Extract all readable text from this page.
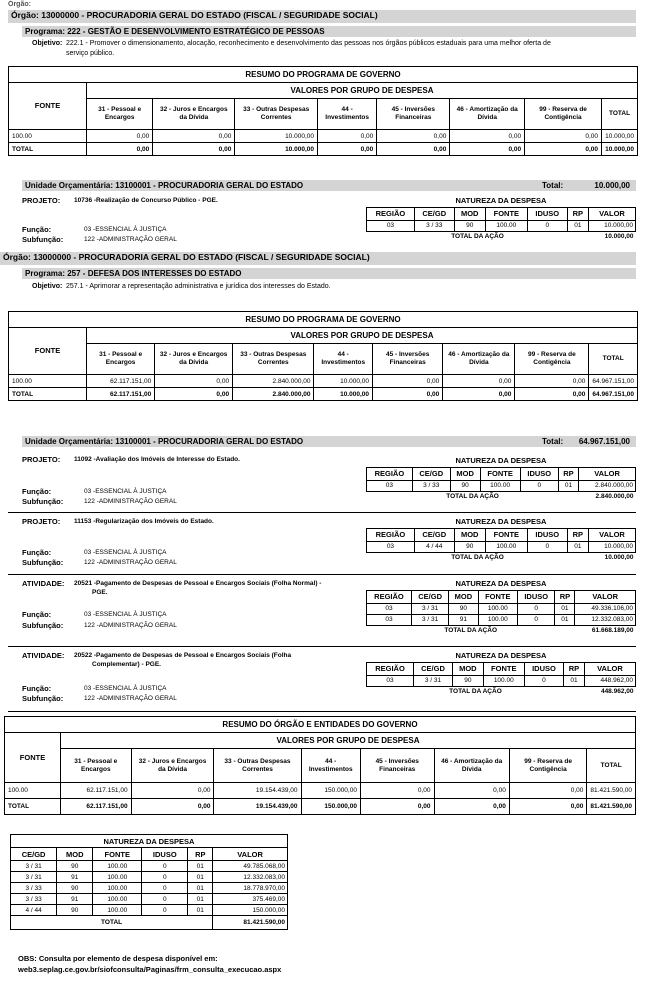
Órgão:
Órgão: 13000000 - PROCURADORIA GERAL DO ESTADO (FISCAL / SEGURIDADE SOCIAL)
Programa: 222 - GESTÃO E DESENVOLVIMENTO ESTRATÉGICO DE PESSOAS
Objetivo: 222.1 - Promover o dimensionamento, alocação, reconhecimento e desenvolvimento das pessoas nos órgãos públicos estaduais para uma melhor oferta de
serviço público.
RESUMO DO PROGRAMA DE GOVERNO								
FONTE	VALORES POR GRUPO DE DESPESA							
	31 - Pessoal e Encargos	32 - Juros e Encargos da Dívida	33 - Outras Despesas Correntes	44 - Investimentos	45 - Inversões Financeiras	46 - Amortização da Dívida	99 - Reserva de Contigência	TOTAL
100.00	0,00	0,00	10.000,00	0,00	0,00	0,00	0,00	10.000,00
TOTAL	0,00	0,00	10.000,00	0,00	0,00	0,00	0,00	10.000,00
Unidade Orçamentária: 13100001 - PROCURADORIA GERAL DO ESTADO	Total:	10.000,00
PROJETO: 10736 -Realização de Concurso Público - PGE.
Função:	03 -ESSENCIAL À JUSTIÇA
Subfunção:	122 -ADMINISTRAÇÃO GERAL
NATUREZA DA DESPESA						
REGIÃO	CE/GD	MOD	FONTE	IDUSO	RP	VALOR
03	3 / 33	90	100.00	0	01	10.000,00
TOTAL DA AÇÃO						10.000,00
Órgão: 13000000 - PROCURADORIA GERAL DO ESTADO (FISCAL / SEGURIDADE SOCIAL)
Programa: 257 - DEFESA DOS INTERESSES DO ESTADO
Objetivo: 257.1 - Aprimorar a representação administrativa e jurídica dos interesses do Estado.
RESUMO DO PROGRAMA DE GOVERNO								
FONTE	VALORES POR GRUPO DE DESPESA							
	31 - Pessoal e Encargos	32 - Juros e Encargos da Dívida	33 - Outras Despesas Correntes	44 - Investimentos	45 - Inversões Financeiras	46 - Amortização da Dívida	99 - Reserva de Contigência	TOTAL
100.00	62.117.151,00	0,00	2.840.000,00	10.000,00	0,00	0,00	0,00	64.967.151,00
TOTAL	62.117.151,00	0,00	2.840.000,00	10.000,00	0,00	0,00	0,00	64.967.151,00
Unidade Orçamentária: 13100001 - PROCURADORIA GERAL DO ESTADO	Total: 64.967.151,00
PROJETO: 11092 -Avaliação dos Imóveis de Interesse do Estado.
Função:	03 -ESSENCIAL À JUSTIÇA
Subfunção:	122 -ADMINISTRAÇÃO GERAL
NATUREZA DA DESPESA						
REGIÃO	CE/GD	MOD	FONTE	IDUSO	RP	VALOR
03	3 / 33	90	100.00	0	01	2.840.000,00
TOTAL DA AÇÃO						2.840.000,00
PROJETO: 11153 -Regularização dos Imóveis do Estado.
Função:	03 -ESSENCIAL À JUSTIÇA
Subfunção:	122 -ADMINISTRAÇÃO GERAL
NATUREZA DA DESPESA						
REGIÃO	CE/GD	MOD	FONTE	IDUSO	RP	VALOR
03	4 / 44	90	100.00	0	01	10.000,00
TOTAL DA AÇÃO						10.000,00
ATIVIDADE: 20521 -Pagamento de Despesas de Pessoal e Encargos Sociais (Folha Normal) -
PGE.
Função:	03 -ESSENCIAL À JUSTIÇA
Subfunção:	122 -ADMINISTRAÇÃO GERAL
NATUREZA DA DESPESA						
REGIÃO	CE/GD	MOD	FONTE	IDUSO	RP	VALOR
03	3 / 31	90	100.00	0	01	49.336.106,00
03	3 / 31	91	100.00	0	01	12.332.083,00
TOTAL DA AÇÃO						61.668.189,00
ATIVIDADE: 20522 -Pagamento de Despesas de Pessoal e Encargos Sociais (Folha
Complementar) - PGE.
Função:	03 -ESSENCIAL À JUSTIÇA
Subfunção:	122 -ADMINISTRAÇÃO GERAL
NATUREZA DA DESPESA						
REGIÃO	CE/GD	MOD	FONTE	IDUSO	RP	VALOR
03	3 / 31	90	100.00	0	01	448.962,00
TOTAL DA AÇÃO						448.962,00
RESUMO DO ÓRGÃO E ENTIDADES DO GOVERNO								
FONTE	VALORES POR GRUPO DE DESPESA							
	31 - Pessoal e Encargos	32 - Juros e Encargos da Dívida	33 - Outras Despesas Correntes	44 - Investimentos	45 - Inversões Financeiras	46 - Amortização da Dívida	99 - Reserva de Contigência	TOTAL
100.00	62.117.151,00	0,00	19.154.439,00	150.000,00	0,00	0,00	0,00	81.421.590,00
TOTAL	62.117.151,00	0,00	19.154.439,00	150.000,00	0,00	0,00	0,00	81.421.590,00
NATUREZA DA DESPESA					
CE/GD	MOD	FONTE	IDUSO	RP	VALOR
3 / 31	90	100.00	0	01	49.785.068,00
3 / 31	91	100.00	0	01	12.332.083,00
3 / 33	90	100.00	0	01	18.778.970,00
3 / 33	91	100.00	0	01	375.469,00
4 / 44	90	100.00	0	01	150.000,00
TOTAL					81.421.590,00
OBS: Consulta por elemento de despesa disponível em:
web3.seplag.ce.gov.br/siofconsulta/Paginas/frm_consulta_execucao.aspx
